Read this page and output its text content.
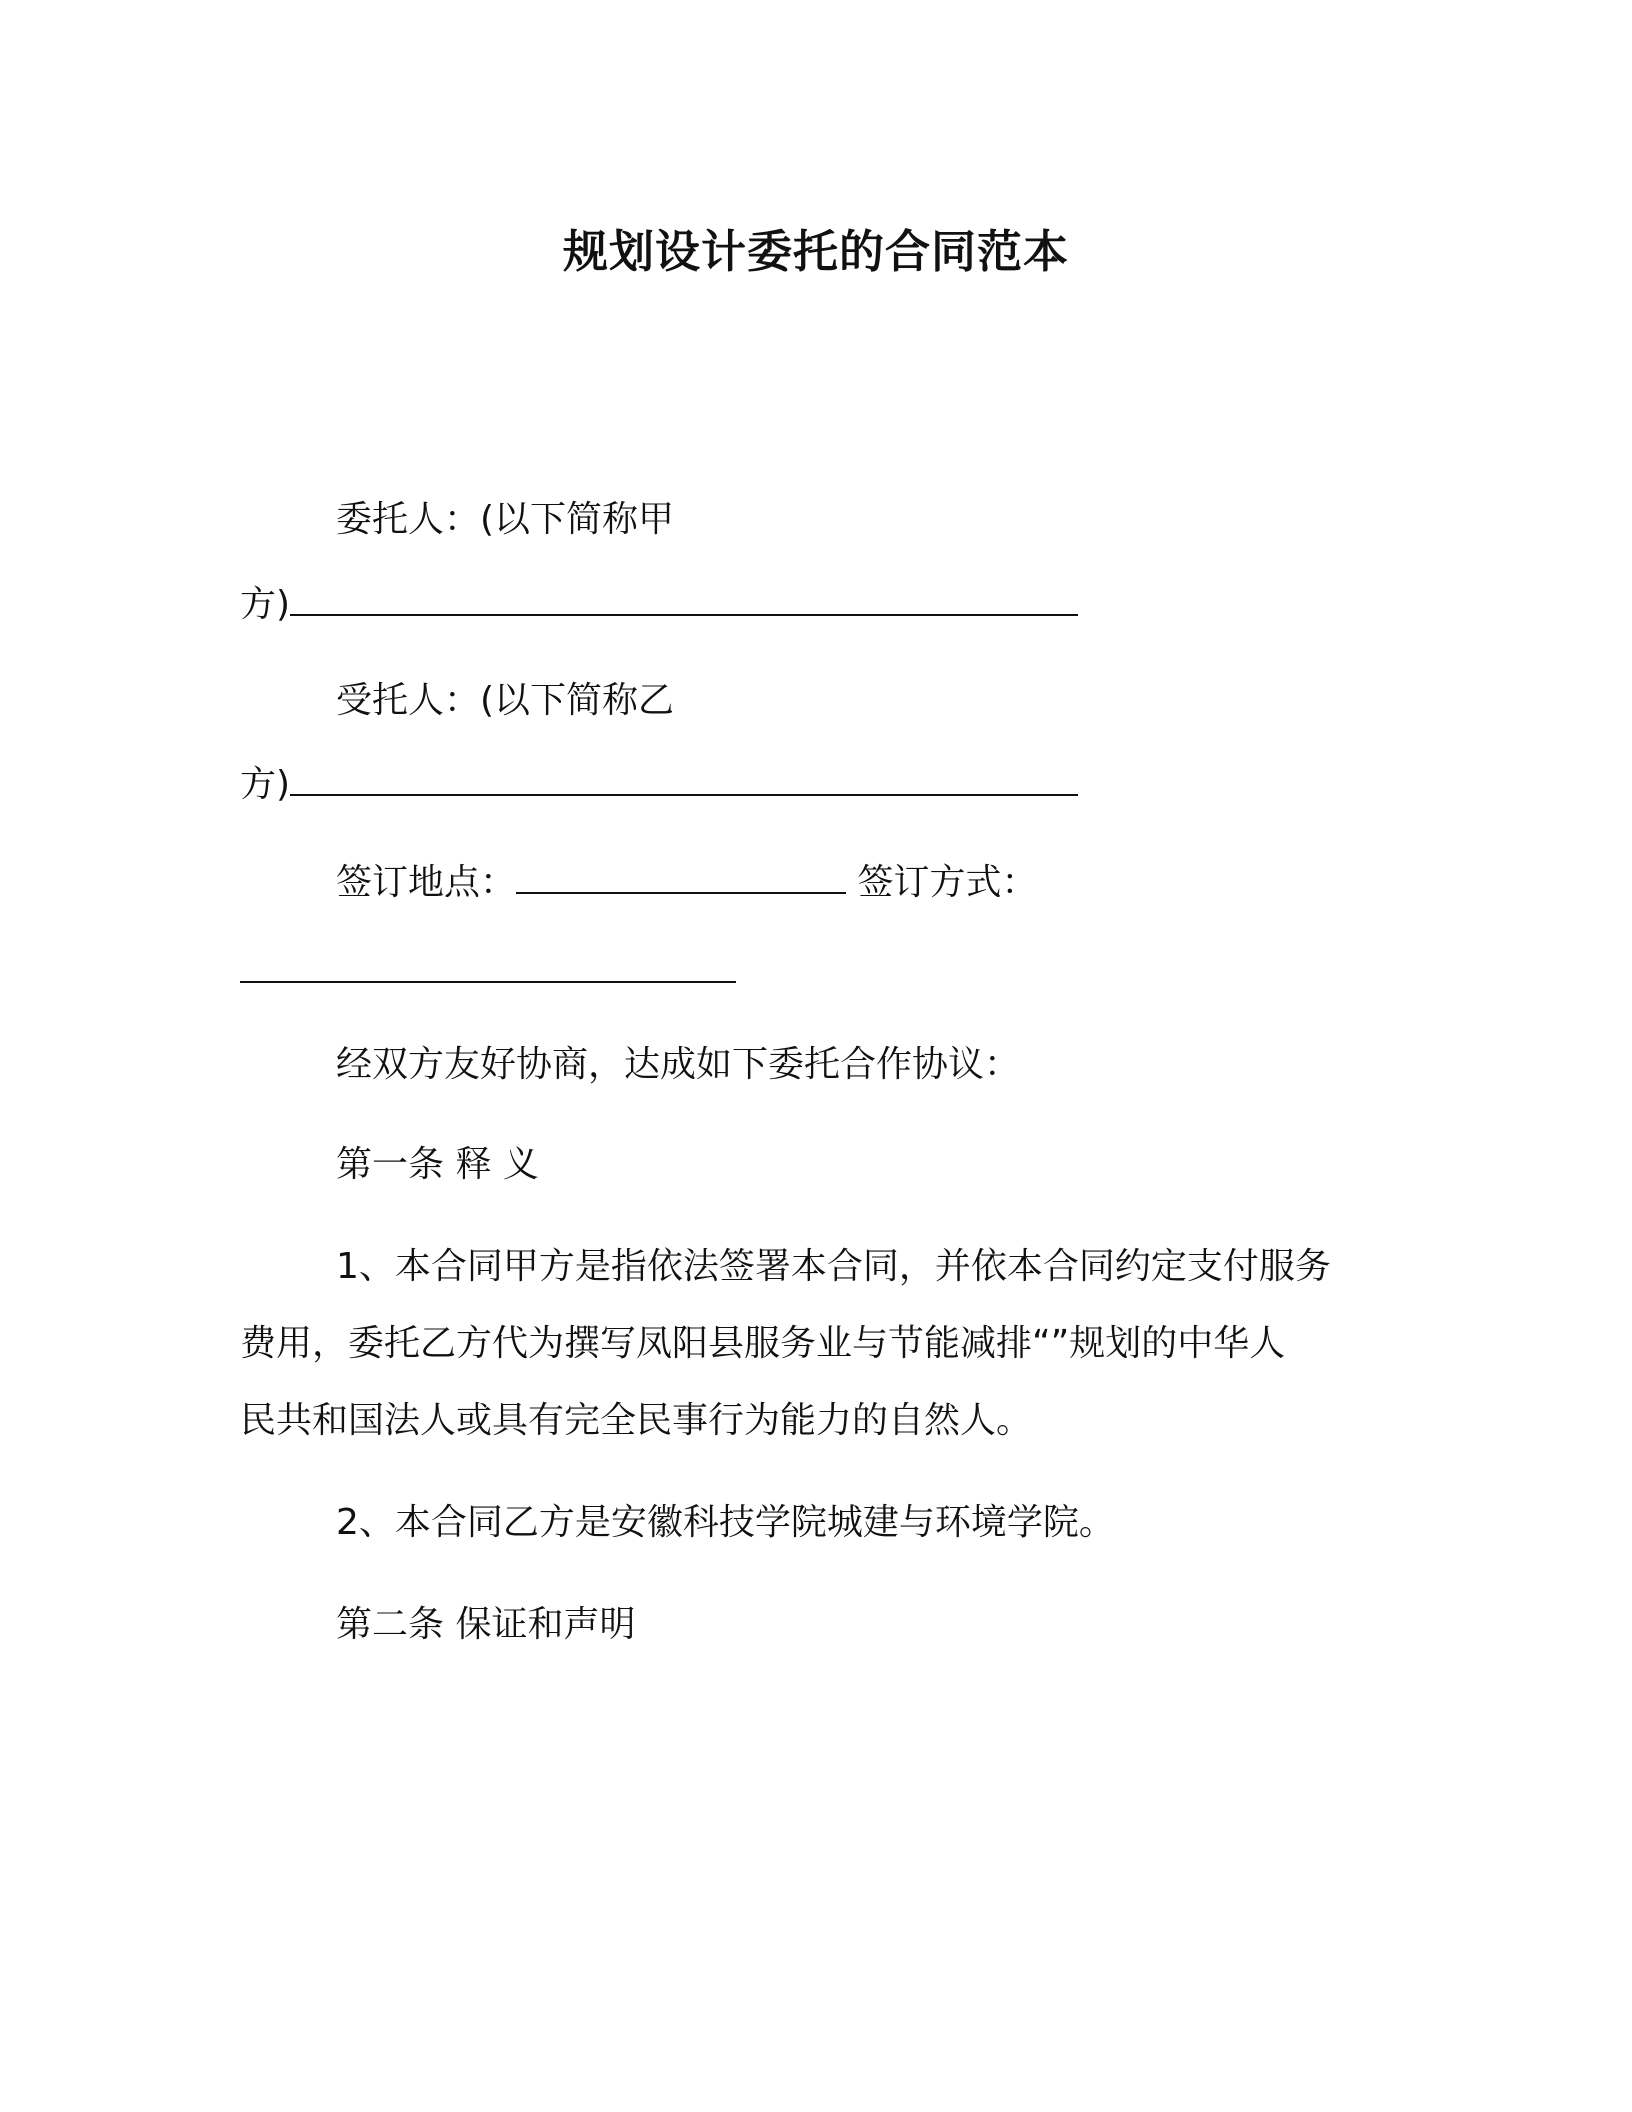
规划设计委托的合同范本
委托人：(以下简称甲
方)
受托人：(以下简称乙
方)
签订地点：	签订方式：
经双方友好协商，达成如下委托合作协议：
第一条 释 义
1、本合同甲方是指依法签署本合同，并依本合同约定支付服务
费用，委托乙方代为撰写凤阳县服务业与节能减排“”规划的中华人
民共和国法人或具有完全民事行为能力的自然人。
2、本合同乙方是安徽科技学院城建与环境学院。
第二条 保证和声明
